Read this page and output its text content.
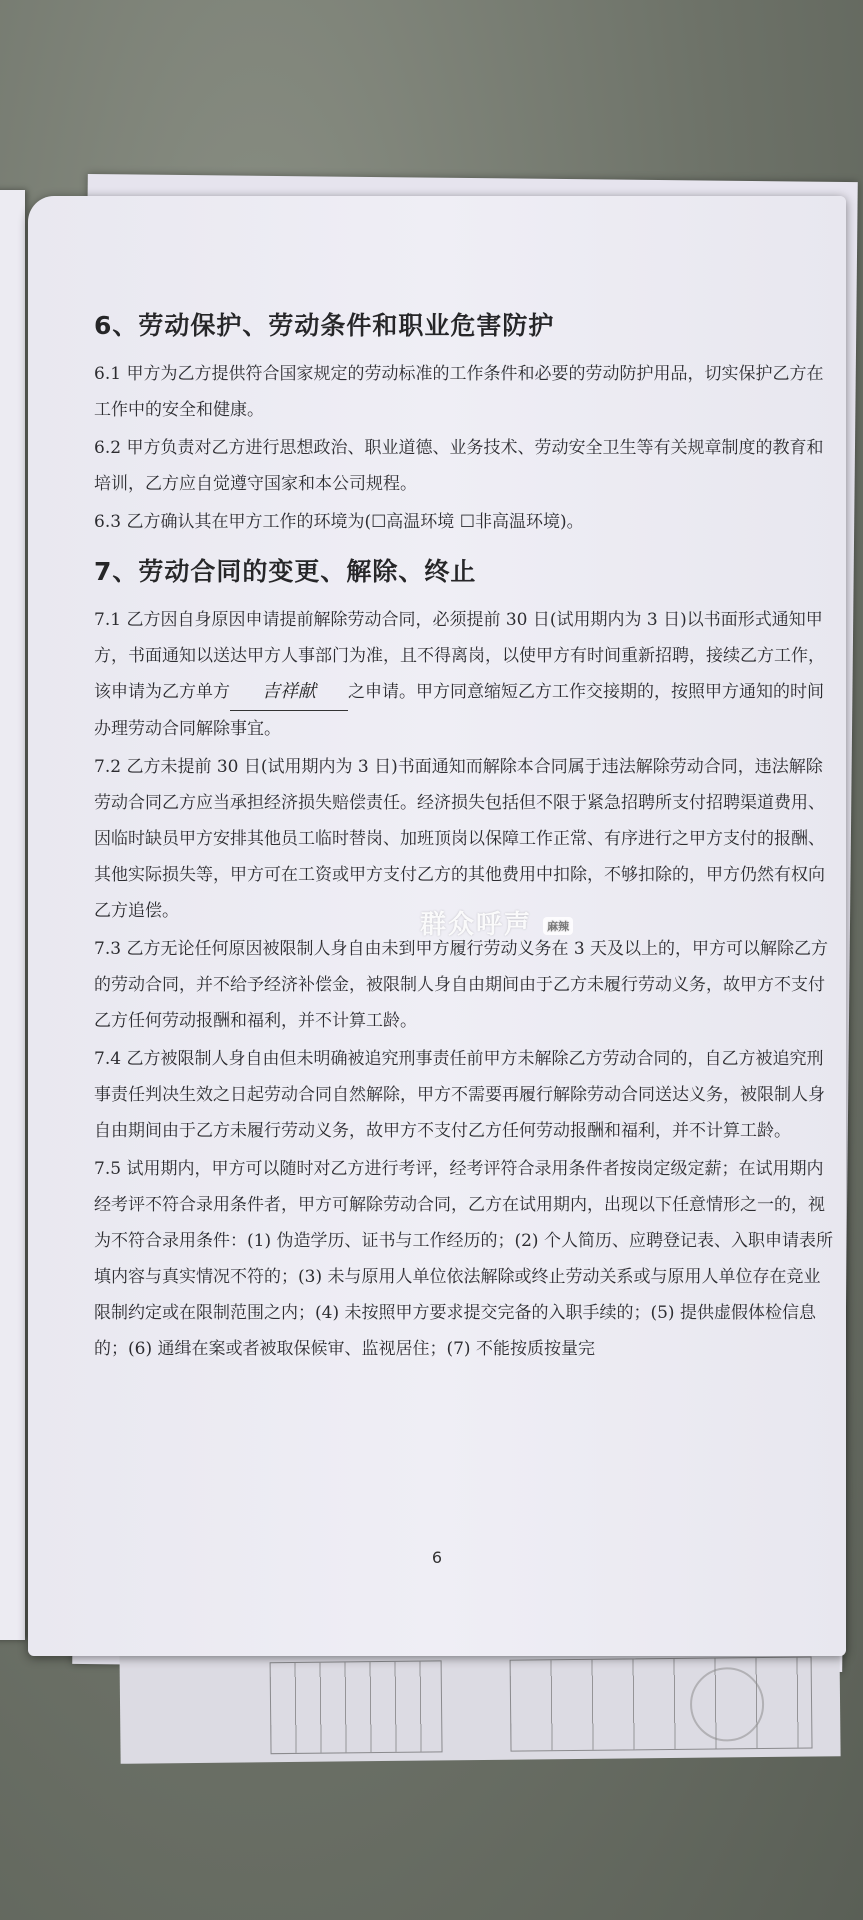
6、劳动保护、劳动条件和职业危害防护

6.1 甲方为乙方提供符合国家规定的劳动标准的工作条件和必要的劳动防护用品，切实保护乙方在工作中的安全和健康。

6.2 甲方负责对乙方进行思想政治、职业道德、业务技术、劳动安全卫生等有关规章制度的教育和培训，乙方应自觉遵守国家和本公司规程。

6.3 乙方确认其在甲方工作的环境为(☐高温环境 ☐非高温环境)。

7、劳动合同的变更、解除、终止

7.1 乙方因自身原因申请提前解除劳动合同，必须提前 30 日(试用期内为 3 日)以书面形式通知甲方，书面通知以送达甲方人事部门为准，且不得离岗，以使甲方有时间重新招聘，接续乙方工作，该申请为乙方单方 吉祥献 之申请。甲方同意缩短乙方工作交接期的，按照甲方通知的时间办理劳动合同解除事宜。

7.2 乙方未提前 30 日(试用期内为 3 日)书面通知而解除本合同属于违法解除劳动合同，违法解除劳动合同乙方应当承担经济损失赔偿责任。经济损失包括但不限于紧急招聘所支付招聘渠道费用、因临时缺员甲方安排其他员工临时替岗、加班顶岗以保障工作正常、有序进行之甲方支付的报酬、其他实际损失等，甲方可在工资或甲方支付乙方的其他费用中扣除，不够扣除的，甲方仍然有权向乙方追偿。

7.3 乙方无论任何原因被限制人身自由未到甲方履行劳动义务在 3 天及以上的，甲方可以解除乙方的劳动合同，并不给予经济补偿金，被限制人身自由期间由于乙方未履行劳动义务，故甲方不支付乙方任何劳动报酬和福利，并不计算工龄。

7.4 乙方被限制人身自由但未明确被追究刑事责任前甲方未解除乙方劳动合同的，自乙方被追究刑事责任判决生效之日起劳动合同自然解除，甲方不需要再履行解除劳动合同送达义务，被限制人身自由期间由于乙方未履行劳动义务，故甲方不支付乙方任何劳动报酬和福利，并不计算工龄。

7.5 试用期内，甲方可以随时对乙方进行考评，经考评符合录用条件者按岗定级定薪；在试用期内经考评不符合录用条件者，甲方可解除劳动合同，乙方在试用期内，出现以下任意情形之一的，视为不符合录用条件：(1) 伪造学历、证书与工作经历的；(2) 个人简历、应聘登记表、入职申请表所填内容与真实情况不符的；(3) 未与原用人单位依法解除或终止劳动关系或与原用人单位存在竞业限制约定或在限制范围之内；(4) 未按照甲方要求提交完备的入职手续的；(5) 提供虚假体检信息的；(6) 通缉在案或者被取保候审、监视居住；(7) 不能按质按量完

群众呼声 麻辣
6
